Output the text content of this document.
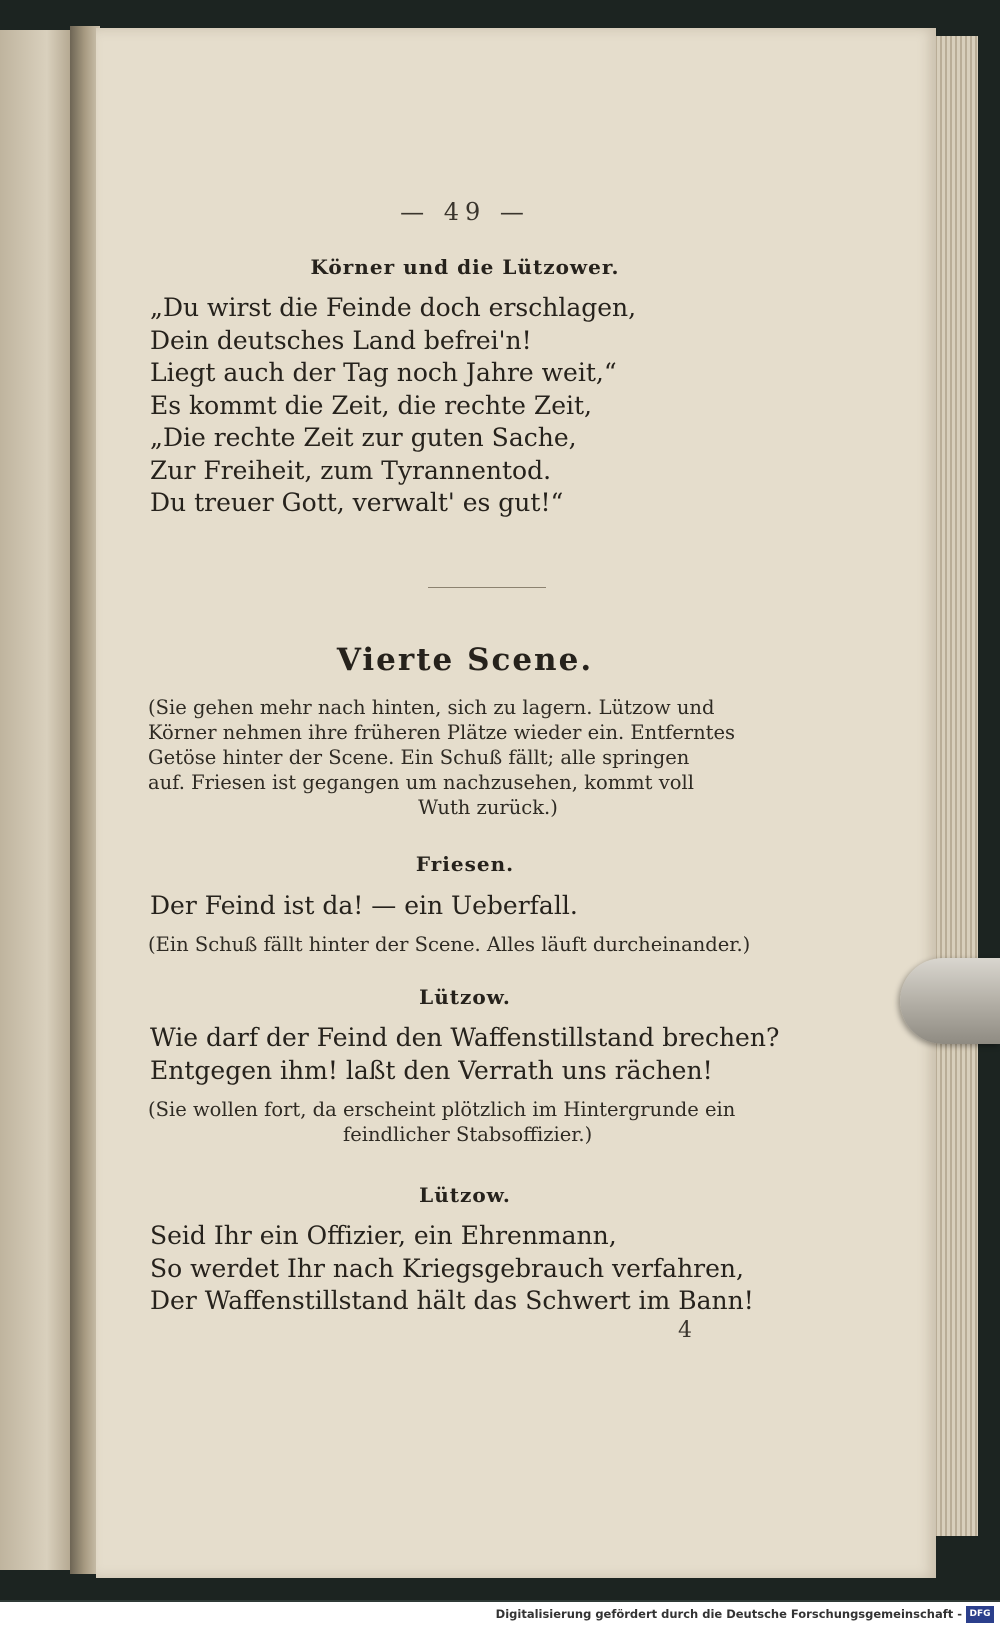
— 49 —
Körner und die Lützower.
„Du wirst die Feinde doch erschlagen,
Dein deutsches Land befrei'n!
Liegt auch der Tag noch Jahre weit,“
Es kommt die Zeit, die rechte Zeit,
„Die rechte Zeit zur guten Sache,
Zur Freiheit, zum Tyrannentod.
Du treuer Gott, verwalt' es gut!“
Vierte Scene.
(Sie gehen mehr nach hinten, sich zu lagern. Lützow und
Körner nehmen ihre früheren Plätze wieder ein. Entferntes
Getöse hinter der Scene. Ein Schuß fällt; alle springen
auf. Friesen ist gegangen um nachzusehen, kommt voll
Wuth zurück.)
Friesen.
Der Feind ist da! — ein Ueberfall.
(Ein Schuß fällt hinter der Scene. Alles läuft durcheinander.)
Lützow.
Wie darf der Feind den Waffenstillstand brechen?
Entgegen ihm! laßt den Verrath uns rächen!
(Sie wollen fort, da erscheint plötzlich im Hintergrunde ein
feindlicher Stabsoffizier.)
Lützow.
Seid Ihr ein Offizier, ein Ehrenmann,
So werdet Ihr nach Kriegsgebrauch verfahren,
Der Waffenstillstand hält das Schwert im Bann!
4
Digitalisierung gefördert durch die Deutsche Forschungsgemeinschaft - DFG
